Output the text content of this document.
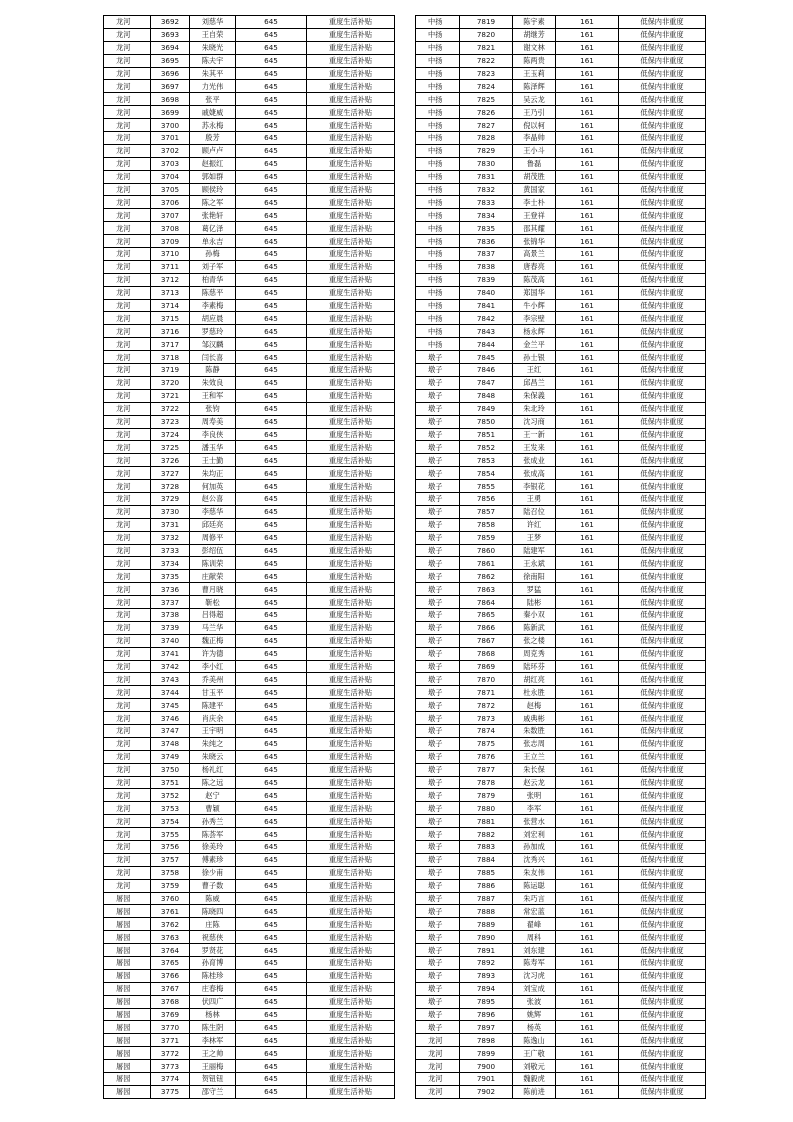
龙河	3692	刘慈华	645	重度生活补贴
龙河	3693	王自荣	645	重度生活补贴
龙河	3694	朱晓光	645	重度生活补贴
龙河	3695	陈夫宇	645	重度生活补贴
龙河	3696	朱其平	645	重度生活补贴
龙河	3697	力光伟	645	重度生活补贴
龙河	3698	张平	645	重度生活补贴
龙河	3699	戚婕威	645	重度生活补贴
龙河	3700	苏永梅	645	重度生活补贴
龙河	3701	殷芳	645	重度生活补贴
龙河	3702	顾卢卢	645	重度生活补贴
龙河	3703	赵振红	645	重度生活补贴
龙河	3704	郭如群	645	重度生活补贴
龙河	3705	顾侯玲	645	重度生活补贴
龙河	3706	陈之军	645	重度生活补贴
龙河	3707	张艳轩	645	重度生活补贴
龙河	3708	葛亿泽	645	重度生活补贴
龙河	3709	单永吉	645	重度生活补贴
龙河	3710	孙梅	645	重度生活补贴
龙河	3711	刘子军	645	重度生活补贴
龙河	3712	柏青华	645	重度生活补贴
龙河	3713	陈慈平	645	重度生活补贴
龙河	3714	李素梅	645	重度生活补贴
龙河	3715	胡应晨	645	重度生活补贴
龙河	3716	罗慈玲	645	重度生活补贴
龙河	3717	邹汉麟	645	重度生活补贴
龙河	3718	闫长喜	645	重度生活补贴
龙河	3719	陈静	645	重度生活补贴
龙河	3720	朱效良	645	重度生活补贴
龙河	3721	王和军	645	重度生活补贴
龙河	3722	张钧	645	重度生活补贴
龙河	3723	周寿美	645	重度生活补贴
龙河	3724	李良侠	645	重度生活补贴
龙河	3725	潘玉华	645	重度生活补贴
龙河	3726	王士勤	645	重度生活补贴
龙河	3727	朱均正	645	重度生活补贴
龙河	3728	何加英	645	重度生活补贴
龙河	3729	赵公喜	645	重度生活补贴
龙河	3730	李慈华	645	重度生活补贴
龙河	3731	邱廷亮	645	重度生活补贴
龙河	3732	周修平	645	重度生活补贴
龙河	3733	彭绍伍	645	重度生活补贴
龙河	3734	陈训荣	645	重度生活补贴
龙河	3735	庄献荣	645	重度生活补贴
龙河	3736	曹月晓	645	重度生活补贴
龙河	3737	靳松	645	重度生活补贴
龙河	3738	吕得超	645	重度生活补贴
龙河	3739	马兰华	645	重度生活补贴
龙河	3740	魏正梅	645	重度生活补贴
龙河	3741	许为德	645	重度生活补贴
龙河	3742	李小红	645	重度生活补贴
龙河	3743	乔美州	645	重度生活补贴
龙河	3744	甘玉平	645	重度生活补贴
龙河	3745	陈建平	645	重度生活补贴
龙河	3746	肖庆余	645	重度生活补贴
龙河	3747	王宇明	645	重度生活补贴
龙河	3748	朱纯之	645	重度生活补贴
龙河	3749	朱晓云	645	重度生活补贴
龙河	3750	杨礼红	645	重度生活补贴
龙河	3751	陈之远	645	重度生活补贴
龙河	3752	赵宁	645	重度生活补贴
龙河	3753	曹颖	645	重度生活补贴
龙河	3754	孙秀兰	645	重度生活补贴
龙河	3755	陈荟军	645	重度生活补贴
龙河	3756	徐美玲	645	重度生活补贴
龙河	3757	傅素珍	645	重度生活补贴
龙河	3758	徐少甫	645	重度生活补贴
龙河	3759	曹子数	645	重度生活补贴
屠园	3760	陈威	645	重度生活补贴
屠园	3761	陈晓四	645	重度生活补贴
屠园	3762	庄陈	645	重度生活补贴
屠园	3763	祝慈侠	645	重度生活补贴
屠园	3764	罗贤花	645	重度生活补贴
屠园	3765	孙育博	645	重度生活补贴
屠园	3766	陈桂珍	645	重度生活补贴
屠园	3767	庄春梅	645	重度生活补贴
屠园	3768	伏四广	645	重度生活补贴
屠园	3769	杨林	645	重度生活补贴
屠园	3770	陈生阴	645	重度生活补贴
屠园	3771	李林军	645	重度生活补贴
屠园	3772	王之帅	645	重度生活补贴
屠园	3773	王丽梅	645	重度生活补贴
屠园	3774	贺钮钮	645	重度生活补贴
屠园	3775	邵守兰	645	重度生活补贴
中扬	7819	陈宇素	161	低保内非重度
中扬	7820	胡继芳	161	低保内非重度
中扬	7821	谢文林	161	低保内非重度
中扬	7822	陈两贵	161	低保内非重度
中扬	7823	王玉莉	161	低保内非重度
中扬	7824	陈泽辉	161	低保内非重度
中扬	7825	吴云龙	161	低保内非重度
中扬	7826	王乃引	161	低保内非重度
中扬	7827	倪以柯	161	低保内非重度
中扬	7828	李晶帅	161	低保内非重度
中扬	7829	王小斗	161	低保内非重度
中扬	7830	鲁磊	161	低保内非重度
中扬	7831	胡茂胜	161	低保内非重度
中扬	7832	黄国家	161	低保内非重度
中扬	7833	李士朴	161	低保内非重度
中扬	7834	王登祥	161	低保内非重度
中扬	7835	邵其耀	161	低保内非重度
中扬	7836	张锦华	161	低保内非重度
中扬	7837	高景兰	161	低保内非重度
中扬	7838	唐春亮	161	低保内非重度
中扬	7839	陈茂高	161	低保内非重度
中扬	7840	郑国华	161	低保内非重度
中扬	7841	牛小辉	161	低保内非重度
中扬	7842	李宗壁	161	低保内非重度
中扬	7843	杨永辉	161	低保内非重度
中扬	7844	金兰平	161	低保内非重度
墩子	7845	孙士银	161	低保内非重度
墩子	7846	王红	161	低保内非重度
墩子	7847	邱昌兰	161	低保内非重度
墩子	7848	朱保義	161	低保内非重度
墩子	7849	朱北玲	161	低保内非重度
墩子	7850	沈习商	161	低保内非重度
墩子	7851	王一新	161	低保内非重度
墩子	7852	王发来	161	低保内非重度
墩子	7853	张成业	161	低保内非重度
墩子	7854	张成高	161	低保内非重度
墩子	7855	李银花	161	低保内非重度
墩子	7856	王勇	161	低保内非重度
墩子	7857	陆召位	161	低保内非重度
墩子	7858	许红	161	低保内非重度
墩子	7859	王梦	161	低保内非重度
墩子	7860	陆建军	161	低保内非重度
墩子	7861	王永斌	161	低保内非重度
墩子	7862	徐南阳	161	低保内非重度
墩子	7863	罗猛	161	低保内非重度
墩子	7864	陆彬	161	低保内非重度
墩子	7865	秦小双	161	低保内非重度
墩子	7866	陈新武	161	低保内非重度
墩子	7867	张之楼	161	低保内非重度
墩子	7868	周克秀	161	低保内非重度
墩子	7869	陆环芬	161	低保内非重度
墩子	7870	胡红亮	161	低保内非重度
墩子	7871	杜永胜	161	低保内非重度
墩子	7872	赵梅	161	低保内非重度
墩子	7873	戚典彬	161	低保内非重度
墩子	7874	朱数胜	161	低保内非重度
墩子	7875	张志周	161	低保内非重度
墩子	7876	王立兰	161	低保内非重度
墩子	7877	朱长保	161	低保内非重度
墩子	7878	赵云龙	161	低保内非重度
墩子	7879	张明	161	低保内非重度
墩子	7880	李军	161	低保内非重度
墩子	7881	张营水	161	低保内非重度
墩子	7882	刘宏利	161	低保内非重度
墩子	7883	孙加成	161	低保内非重度
墩子	7884	沈秀兴	161	低保内非重度
墩子	7885	朱友伟	161	低保内非重度
墩子	7886	陈运聪	161	低保内非重度
墩子	7887	朱巧言	161	低保内非重度
墩子	7888	常宏蓝	161	低保内非重度
墩子	7889	翟峰	161	低保内非重度
墩子	7890	周科	161	低保内非重度
墩子	7891	刘东建	161	低保内非重度
墩子	7892	陈寿军	161	低保内非重度
墩子	7893	沈习虎	161	低保内非重度
墩子	7894	刘宝成	161	低保内非重度
墩子	7895	张波	161	低保内非重度
墩子	7896	姚辉	161	低保内非重度
墩子	7897	杨英	161	低保内非重度
龙河	7898	陈逸山	161	低保内非重度
龙河	7899	王广敬	161	低保内非重度
龙河	7900	刘敬元	161	低保内非重度
龙河	7901	魏毅虎	161	低保内非重度
龙河	7902	陈前进	161	低保内非重度
